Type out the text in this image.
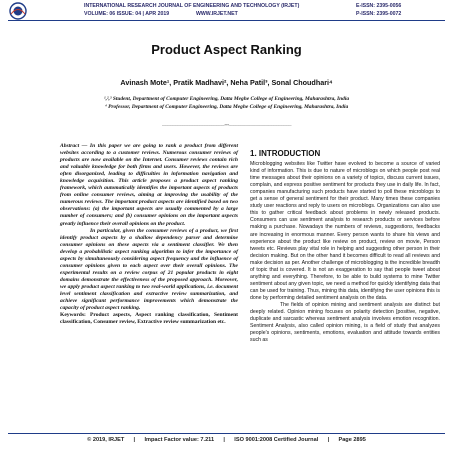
INTERNATIONAL RESEARCH JOURNAL OF ENGINEERING AND TECHNOLOGY (IRJET)	E-ISSN: 2395-0056
VOLUME: 06 ISSUE: 04 | APR 2019	WWW.IRJET.NET	P-ISSN: 2395-0072
Product Aspect Ranking
Avinash Mote¹, Pratik Madhavi², Neha Patil³, Sonal Choudhari⁴
¹,²,³ Student, Department of Computer Engineering, Datta Meghe College of Engineering, Maharashtra, India
⁴ Professor, Department of Computer Engineering, Datta Meghe College of Engineering, Maharashtra, India
---------------------------------------------------------------------------***---------------------------------------------------------------------------

Abstract — In this paper we are going to rank a product from different websites according to a customer reviews. Numerous consumer reviews of products are now available on the Internet. Consumer reviews contain rich and valuable knowledge for both firms and users. However, the reviews are often disorganized, leading to difficulties in information navigation and knowledge acquisition. This article proposes a product aspect ranking framework, which automatically identifies the important aspects of products from online consumer reviews, aiming at improving the usability of the numerous reviews. The important product aspects are identified based on two observations: (a) the important aspects are usually commented by a large number of consumers; and (b) consumer opinions on the important aspects greatly influence their overall opinions on the product.

In particular, given the consumer reviews of a product, we first identify product aspects by a shallow dependency parser and determine consumer opinions on these aspects via a sentiment classifier. We then develop a probabilistic aspect ranking algorithm to infer the importance of aspects by simultaneously considering aspect frequency and the influence of consumer opinions given to each aspect over their overall opinions. The experimental results on a review corpus of 21 popular products in eight domains demonstrate the effectiveness of the proposed approach. Moreover, we apply product aspect ranking to two real-world applications, i.e. document level sentiment classification and extractive review summarization, and achieve significant performance improvements which demonstrate the capacity of product aspect ranking.

Keywords: Product aspects, Aspect ranking classification, Sentiment classification, Consumer review, Extractive review summarization etc.

1. INTRODUCTION

Microblogging websites like Twitter have evolved to become a source of varied kind of information. This is due to nature of microblogs on which people post real time messages about their opinions on a variety of topics, discuss current issues, complain, and express positive sentiment for products they use in daily life. In fact, companies manufacturing such products have started to poll these microblogs to get a sense of general sentiment for their product. Many times these companies study user reactions and reply to users on microblogs. Organizations can also use this to gather critical feedback about problems in newly released products. Consumers can use sentiment analysis to research products or services before making a purchase. Nowadays the numbers of reviews, suggestions, feedbacks are increasing in enormous manner. Every person wants to share his views and experience about the product like review on product, review on movie, Person tweets etc. Reviews play vital role in helping and suggesting other person in their decision making. But on the other hand it becomes difficult to read all reviews and make decision as per. Another challenge of microblogging is the incredible breadth of topic that is covered. It is not an exaggeration to say that people tweet about anything and everything. Therefore, to be able to build systems to mine Twitter sentiment about any given topic, we need a method for quickly identifying data that can be used for training. Thus, mining this data, identifying the user opinions this is done by performing detailed sentiment analysis on the data.

The fields of opinion mining and sentiment analysis are distinct but deeply related. Opinion mining focuses on polarity detection [positive, negative, duplicate and sarcastic whereas sentiment analysis involves emotion recognition. Sentiment Analysis, also called opinion mining, is a field of study that analyzes people's opinions, sentiments, emotions, evaluation and attitude towards entities such as

© 2019, IRJET      |      Impact Factor value: 7.211      |      ISO 9001:2008 Certified Journal      |      Page 2895
